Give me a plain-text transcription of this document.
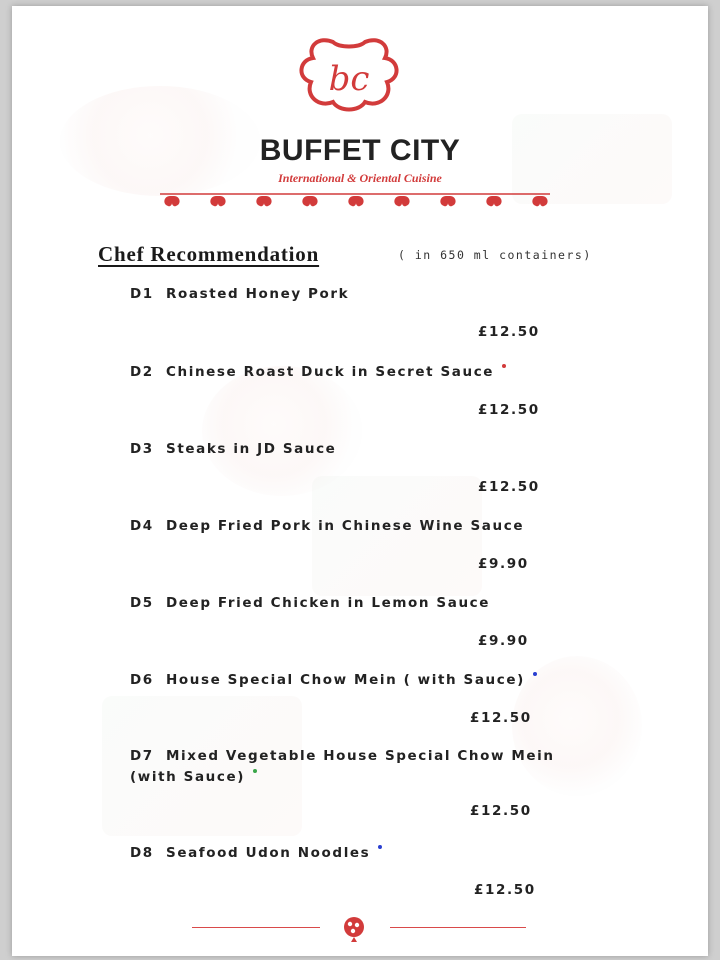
bc
BUFFET CITY
International & Oriental Cuisine
Chef Recommendation	( in 650 ml containers)
D1 Roasted Honey Pork
£12.50
D2 Chinese Roast Duck in Secret Sauce
£12.50
D3 Steaks in JD Sauce
£12.50
D4 Deep Fried Pork in Chinese Wine Sauce
£9.90
D5 Deep Fried Chicken in Lemon Sauce
£9.90
D6 House Special Chow Mein ( with Sauce)
£12.50
D7 Mixed Vegetable House Special Chow Mein
(with Sauce)
£12.50
D8 Seafood Udon Noodles
£12.50
